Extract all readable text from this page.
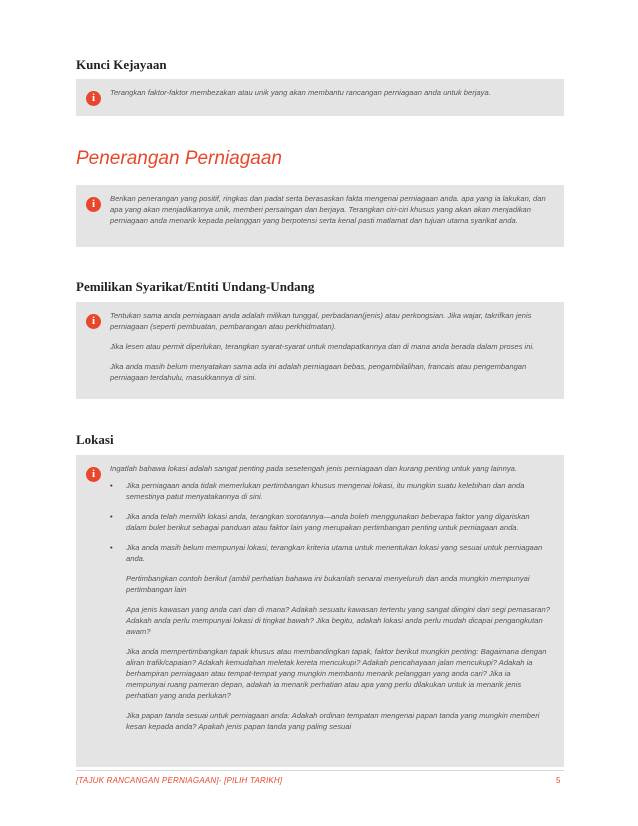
Kunci Kejayaan
i	Terangkan faktor-faktor membezakan atau unik yang akan membantu rancangan perniagaan anda untuk berjaya.

Penerangan Perniagaan
i	Berikan penerangan yang positif, ringkas dan padat serta berasaskan fakta mengenai perniagaan anda. apa yang ia lakukan, dan apa yang akan menjadikannya unik, memberi persaingan dan berjaya. Terangkan ciri-ciri khusus yang akan akan menjadikan perniagaan anda menarik kepada pelanggan yang berpotensi serta kenal pasti matlamat dan tujuan utama syarikat anda.

Pemilikan Syarikat/Entiti Undang-Undang
i	Tentukan sama anda perniagaan anda adalah milikan tunggal, perbadanan(jenis) atau perkongsian. Jika wajar, takrifkan jenis perniagaan (seperti pembuatan, pembarangan atau perkhidmatan).

Jika lesen atau permit diperlukan, terangkan syarat-syarat untuk mendapatkannya dan di mana anda berada dalam proses ini.

Jika anda masih belum menyatakan sama ada ini adalah perniagaan bebas, pengambilalihan, francais atau pengembangan perniagaan terdahulu, masukkannya di sini.

Lokasi
i	Ingatlah bahawa lokasi adalah sangat penting pada sesetengah jenis perniagaan dan kurang penting untuk yang lainnya.

• Jika perniagaan anda tidak memerlukan pertimbangan khusus mengenai lokasi, itu mungkin suatu kelebihan dan anda semestinya patut menyatakannya di sini.
• Jika anda telah memilih lokasi anda, terangkan sorotannya—anda boleh menggunakan beberapa faktor yang digariskan dalam bulet berikut sebagai panduan atau faktor lain yang merupakan pertimbangan penting untuk perniagaan anda.
• Jika anda masih belum mempunyai lokasi, terangkan kriteria utama untuk menentukan lokasi yang sesuai untuk perniagaan anda.

Pertimbangkan contoh berikut (ambil perhatian bahawa ini bukanlah senarai menyeluruh dan anda mungkin mempunyai pertimbangan lain

Apa jenis kawasan yang anda cari dan di mana? Adakah sesuatu kawasan tertentu yang sangat diingini dari segi pemasaran? Adakah anda perlu mempunyai lokasi di tingkat bawah? Jika begitu, adakah lokasi anda perlu mudah dicapai pengangkutan awam?

Jika anda mempertimbangkan tapak khusus atau membandingkan tapak, faktor berikut mungkin penting: Bagaimana dengan aliran trafik/capaian? Adakah kemudahan meletak kereta mencukupi? Adakah pencahayaan jalan mencukupi? Adakah ia berhampiran perniagaan atau tempat-tempat yang mungkin membantu menarik pelanggan yang anda cari? Jika ia mempunyai ruang pameran depan, adakah ia menarik perhatian atau apa yang perlu dilakukan untuk ia menarik jenis perhatian yang anda perlukan?

Jika papan tanda sesuai untuk perniagaan anda: Adakah ordinan tempatan mengenai papan tanda yang mungkin memberi kesan kepada anda? Apakah jenis papan tanda yang paling sesuai

[TAJUK RANCANGAN PERNIAGAAN]- [PILIH TARIKH]	5
